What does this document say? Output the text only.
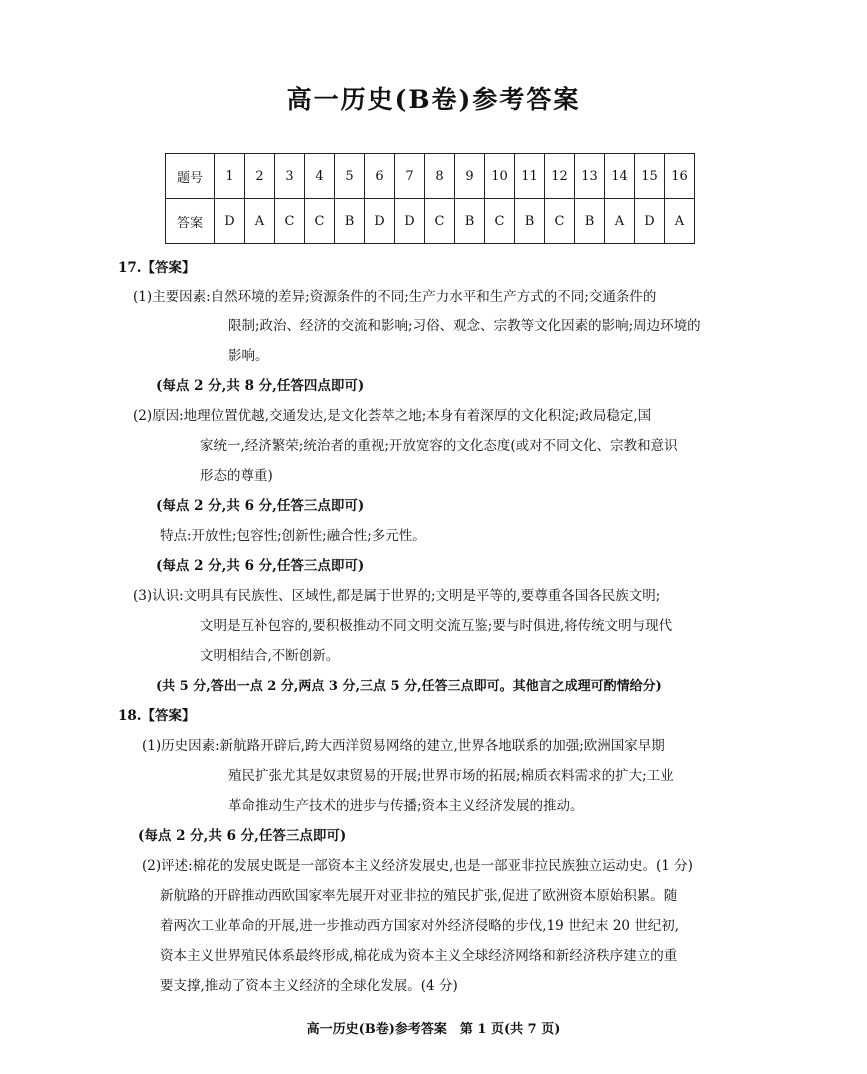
高一历史(B卷)参考答案
题号	1	2	3	4	5	6	7	8	9	10	11	12	13	14	15	16
答案	D	A	C	C	B	D	D	C	B	C	B	C	B	A	D	A
17.【答案】
(1)主要因素:自然环境的差异;资源条件的不同;生产力水平和生产方式的不同;交通条件的
限制;政治、经济的交流和影响;习俗、观念、宗教等文化因素的影响;周边环境的
影响。
(每点 2 分,共 8 分,任答四点即可)
(2)原因:地理位置优越,交通发达,是文化荟萃之地;本身有着深厚的文化积淀;政局稳定,国
家统一,经济繁荣;统治者的重视;开放宽容的文化态度(或对不同文化、宗教和意识
形态的尊重)
(每点 2 分,共 6 分,任答三点即可)
特点:开放性;包容性;创新性;融合性;多元性。
(每点 2 分,共 6 分,任答三点即可)
(3)认识:文明具有民族性、区域性,都是属于世界的;文明是平等的,要尊重各国各民族文明;
文明是互补包容的,要积极推动不同文明交流互鉴;要与时俱进,将传统文明与现代
文明相结合,不断创新。
(共 5 分,答出一点 2 分,两点 3 分,三点 5 分,任答三点即可。其他言之成理可酌情给分)
18.【答案】
(1)历史因素:新航路开辟后,跨大西洋贸易网络的建立,世界各地联系的加强;欧洲国家早期
殖民扩张尤其是奴隶贸易的开展;世界市场的拓展;棉质衣料需求的扩大;工业
革命推动生产技术的进步与传播;资本主义经济发展的推动。
(每点 2 分,共 6 分,任答三点即可)
(2)评述:棉花的发展史既是一部资本主义经济发展史,也是一部亚非拉民族独立运动史。(1 分)
新航路的开辟推动西欧国家率先展开对亚非拉的殖民扩张,促进了欧洲资本原始积累。随
着两次工业革命的开展,进一步推动西方国家对外经济侵略的步伐,19 世纪末 20 世纪初,
资本主义世界殖民体系最终形成,棉花成为资本主义全球经济网络和新经济秩序建立的重
要支撑,推动了资本主义经济的全球化发展。(4 分)
高一历史(B卷)参考答案　第 1 页(共 7 页)
